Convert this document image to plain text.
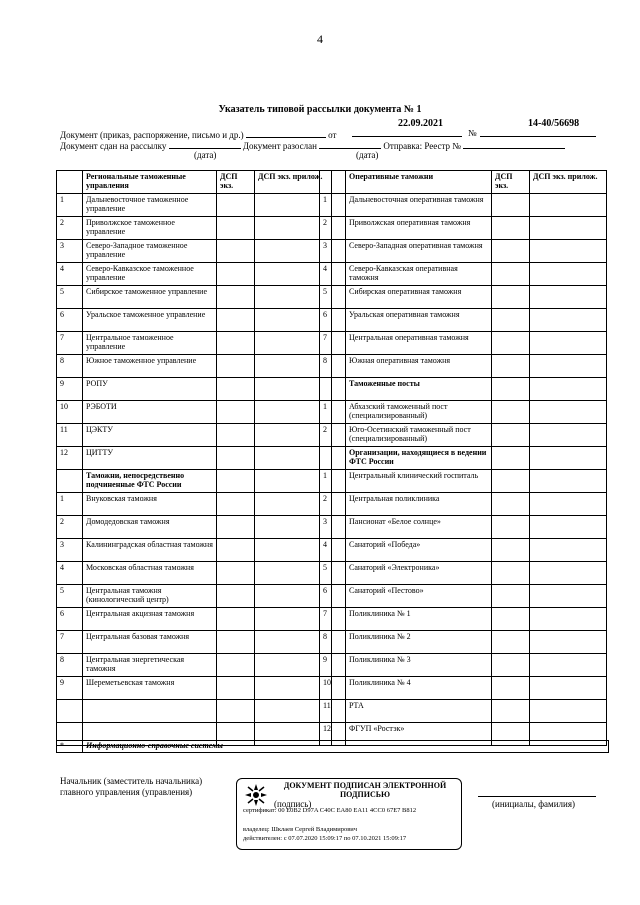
4
Указатель типовой рассылки документа № 1
Документ (приказ, распоряжение, письмо и др.)	от
22.09.2021
№
14-40/56698
Документ сдан на рассылку	Документ разослан	Отправка: Реестр №
(дата)	(дата)
	Региональные таможенные управления	ДСП экз.	ДСП экз. прилож.
1	Дальневосточное таможенное управление		
2	Приволжское таможенное управление		
3	Северо-Западное таможенное управление		
4	Северо-Кавказское таможенное управление		
5	Сибирское таможенное управление		
6	Уральское таможенное управление		
7	Центральное таможенное управление		
8	Южное таможенное управление		
9	РОПУ		
10	РЭБОТИ		
11	ЦЭКТУ		
12	ЦИТТУ		
	Таможни, непосредственно подчиненные ФТС России		
1	Внуковская таможня		
2	Домодедовская таможня		
3	Калининградская областная таможня		
4	Московская областная таможня		
5	Центральная таможня (кинологический центр)		
6	Центральная акцизная таможня		
7	Центральная базовая таможня		
8	Центральная энергетическая таможня		
9	Шереметьевская таможня		

	Оперативные таможни	ДСП экз.	ДСП экз. прилож.
1	Дальневосточная оперативная таможня		
2	Приволжская оперативная таможня		
3	Северо-Западная оперативная таможня		
4	Северо-Кавказская оперативная таможня		
5	Сибирская оперативная таможня		
6	Уральская оперативная таможня		
7	Центральная оперативная таможня		
8	Южная оперативная таможня		
	Таможенные посты		
1	Абхазский таможенный пост (специализированный)		
2	Юго-Осетинский таможенный пост (специализированный)		
	Организации, находящиеся в ведении ФТС России		
1	Центральный клинический госпиталь		
2	Центральная поликлиника		
3	Пансионат «Белое солнце»		
4	Санаторий «Победа»		
5	Санаторий «Электроника»		
6	Санаторий «Пестово»		
7	Поликлиника № 1		
8	Поликлиника № 2		
9	Поликлиника № 3		
10	Поликлиника № 4		
11	РТА		
12	ФГУП «Ростэк»		
*	Информационно-справочные системы
Начальник (заместитель начальника)
главного управления (управления)
ДОКУМЕНТ ПОДПИСАН ЭЛЕКТРОННОЙ ПОДПИСЬЮ
сертификат: 00 E0B2 D97A C40C EA80 EA11 4CC0 67E7 B812
владелец: Шклаев Сергей Владимирович
действителен: с 07.07.2020 15:09:17 по 07.10.2021 15:09:17
(подпись)	(инициалы, фамилия)
